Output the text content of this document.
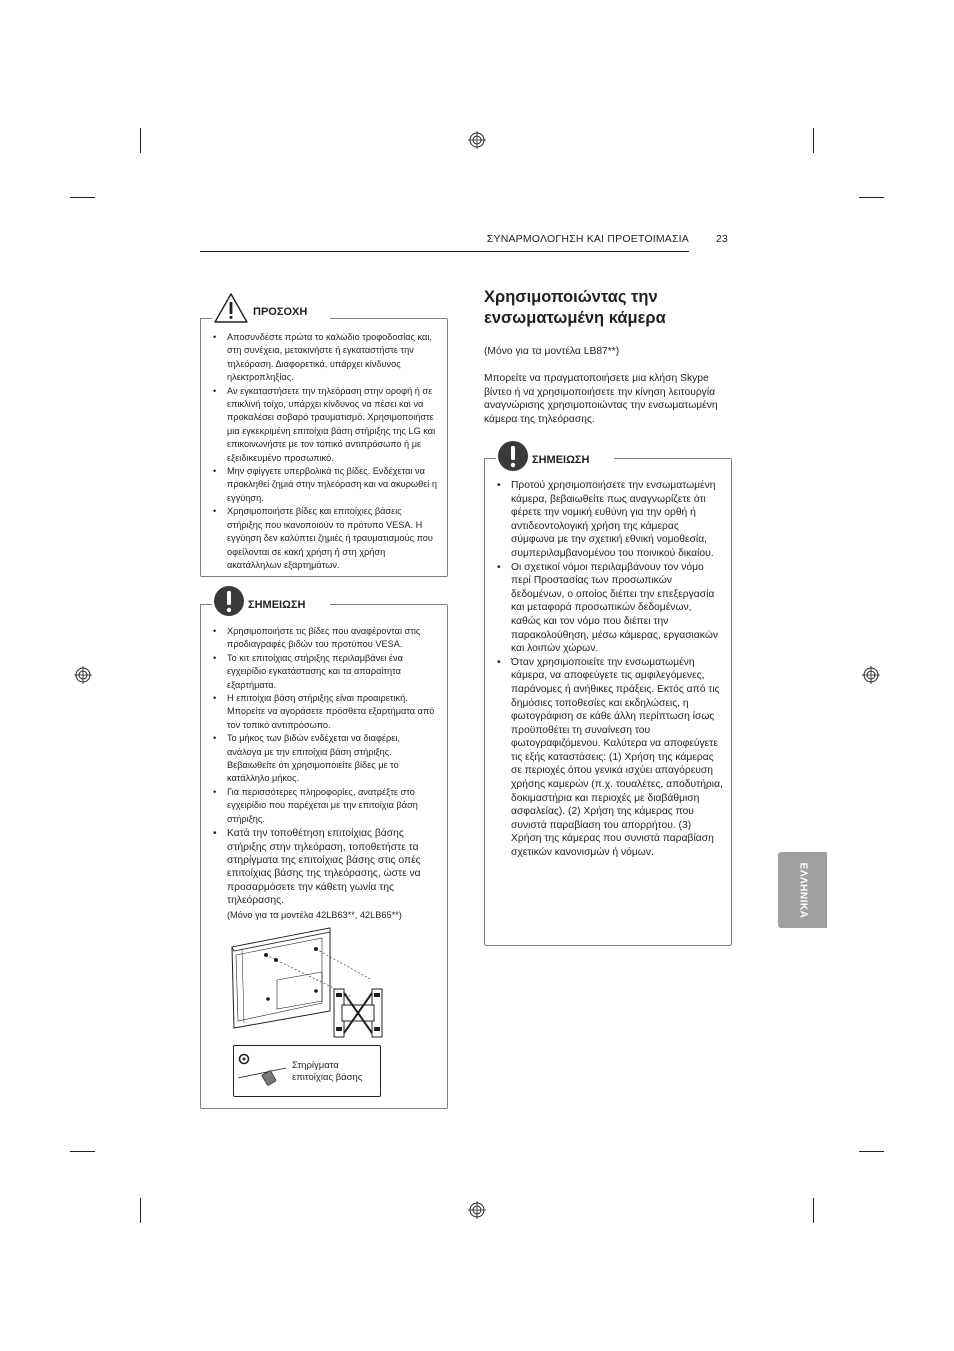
ΣΥΝΑΡΜΟΛΟΓΗΣΗ ΚΑΙ ΠΡΟΕΤΟΙΜΑΣΙΑ	23
ΠΡΟΣΟΧΗ
• Αποσυνδέστε πρώτα το καλώδιο τροφοδοσίας και, στη συνέχεια, μετακινήστε ή εγκαταστήστε την τηλεόραση. Διαφορετικά, υπάρχει κίνδυνος ηλεκτροπληξίας.
• Αν εγκαταστήσετε την τηλεόραση στην οροφή ή σε επικλινή τοίχο, υπάρχει κίνδυνος να πέσει και να προκαλέσει σοβαρό τραυματισμό. Χρησιμοποιήστε μια εγκεκριμένη επιτοίχια βάση στήριξης της LG και επικοινωνήστε με τον τοπικό αντιπρόσωπο ή με εξειδικευμένο προσωπικό.
• Μην σφίγγετε υπερβολικά τις βίδες. Ενδέχεται να προκληθεί ζημιά στην τηλεόραση και να ακυρωθεί η εγγύηση.
• Χρησιμοποιήστε βίδες και επιτοίχιες βάσεις στήριξης που ικανοποιούν το πρότυπο VESA. Η εγγύηση δεν καλύπτει ζημιές ή τραυματισμούς που οφείλονται σε κακή χρήση ή στη χρήση ακατάλληλων εξαρτημάτων.
ΣΗΜΕΙΩΣΗ
• Χρησιμοποιήστε τις βίδες που αναφέρονται στις προδιαγραφές βιδών του προτύπου VESA.
• Το κιτ επιτοίχιας στήριξης περιλαμβάνει ένα εγχειρίδιο εγκατάστασης και τα απαραίτητα εξαρτήματα.
• Η επιτοίχια βάση στήριξης είναι προαιρετική. Μπορείτε να αγοράσετε πρόσθετα εξαρτήματα από τον τοπικό αντιπρόσωπο.
• Το μήκος των βιδών ενδέχεται να διαφέρει, ανάλογα με την επιτοίχια βάση στήριξης. Βεβαιωθείτε ότι χρησιμοποιείτε βίδες με το κατάλληλο μήκος.
• Για περισσότερες πληροφορίες, ανατρέξτε στο εγχειρίδιο που παρέχεται με την επιτοίχια βάση στήριξης.
• Κατά την τοποθέτηση επιτοίχιας βάσης στήριξης στην τηλεόραση, τοποθετήστε τα στηρίγματα της επιτοίχιας βάσης στις οπές επιτοίχιας βάσης της τηλεόρασης, ώστε να προσαρμόσετε την κάθετη γωνία της τηλεόρασης.
(Μόνο για τα μοντέλα 42LB63**, 42LB65**)
Στηρίγματα επιτοίχιας βάσης
Χρησιμοποιώντας την
ενσωματωμένη κάμερα
(Μόνο για τα μοντέλα LB87**)
Μπορείτε να πραγματοποιήσετε μια κλήση Skype βίντεο ή να χρησιμοποιήσετε την κίνηση λειτουργία αναγνώρισης χρησιμοποιώντας την ενσωματωμένη κάμερα της τηλεόρασης.
ΣΗΜΕΙΩΣΗ
• Προτού χρησιμοποιήσετε την ενσωματωμένη κάμερα, βεβαιωθείτε πως αναγνωρίζετε ότι φέρετε την νομική ευθύνη για την ορθή ή αντιδεοντολογική χρήση της κάμερας σύμφωνα με την σχετική εθνική νομοθεσία, συμπεριλαμβανομένου του ποινικού δικαίου.
• Οι σχετικοί νόμοι περιλαμβάνουν τον νόμο περί Προστασίας των προσωπικών δεδομένων, ο οποίος διέπει την επεξεργασία και μεταφορά προσωπικών δεδομένων, καθώς και τον νόμο που διέπει την παρακολούθηση, μέσω κάμερας, εργασιακών και λοιπών χώρων.
• Όταν χρησιμοποιείτε την ενσωματωμένη κάμερα, να αποφεύγετε τις αμφιλεγόμενες, παράνομες ή ανήθικες πράξεις. Εκτός από τις δημόσιες τοποθεσίες και εκδηλώσεις, η φωτογράφιση σε κάθε άλλη περίπτωση ίσως προϋποθέτει τη συναίνεση του φωτογραφιζόμενου. Καλύτερα να αποφεύγετε τις εξής καταστάσεις: (1) Χρήση της κάμερας σε περιοχές όπου γενικά ισχύει απαγόρευση χρήσης καμερών (π.χ. τουαλέτες, αποδυτήρια, δοκιμαστήρια και περιοχές με διαβάθμιση ασφαλείας). (2) Χρήση της κάμερας που συνιστά παραβίαση του απορρήτου. (3) Χρήση της κάμερας που συνιστά παραβίαση σχετικών κανονισμών ή νόμων.
ΕΛΛΗΝΙΚΑ
